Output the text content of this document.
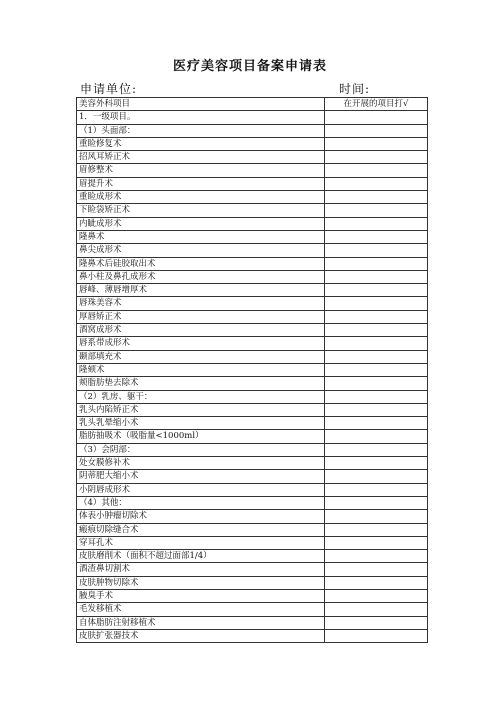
医疗美容项目备案申请表
申请单位:	时间:
美容外科项目	在开展的项目打√
1．一级项目。	
（1）头面部：	
重睑修复术	
招风耳矫正术	
眉修整术	
眉提升术	
重睑成形术	
下睑袋矫正术	
内眦成形术	
隆鼻术	
鼻尖成形术	
隆鼻术后硅胶取出术	
鼻小柱及鼻孔成形术	
唇峰、薄唇增厚术	
唇珠美容术	
厚唇矫正术	
酒窝成形术	
唇系带成形术	
颞部填充术	
隆颏术	
颊脂肪垫去除术	
（2）乳房、躯干：	
乳头内陷矫正术	
乳头乳晕缩小术	
脂肪抽吸术（吸脂量<1000ml）	
（3）会阴部：	
处女膜修补术	
阴蒂肥大缩小术	
小阴唇成形术	
（4）其他：	
体表小肿瘤切除术	
瘢痕切除缝合术	
穿耳孔术	
皮肤磨削术（面积不超过面部1/4）	
酒渣鼻切割术	
皮肤肿物切除术	
腋臭手术	
毛发移植术	
自体脂肪注射移植术	
皮肤扩张器技术	
